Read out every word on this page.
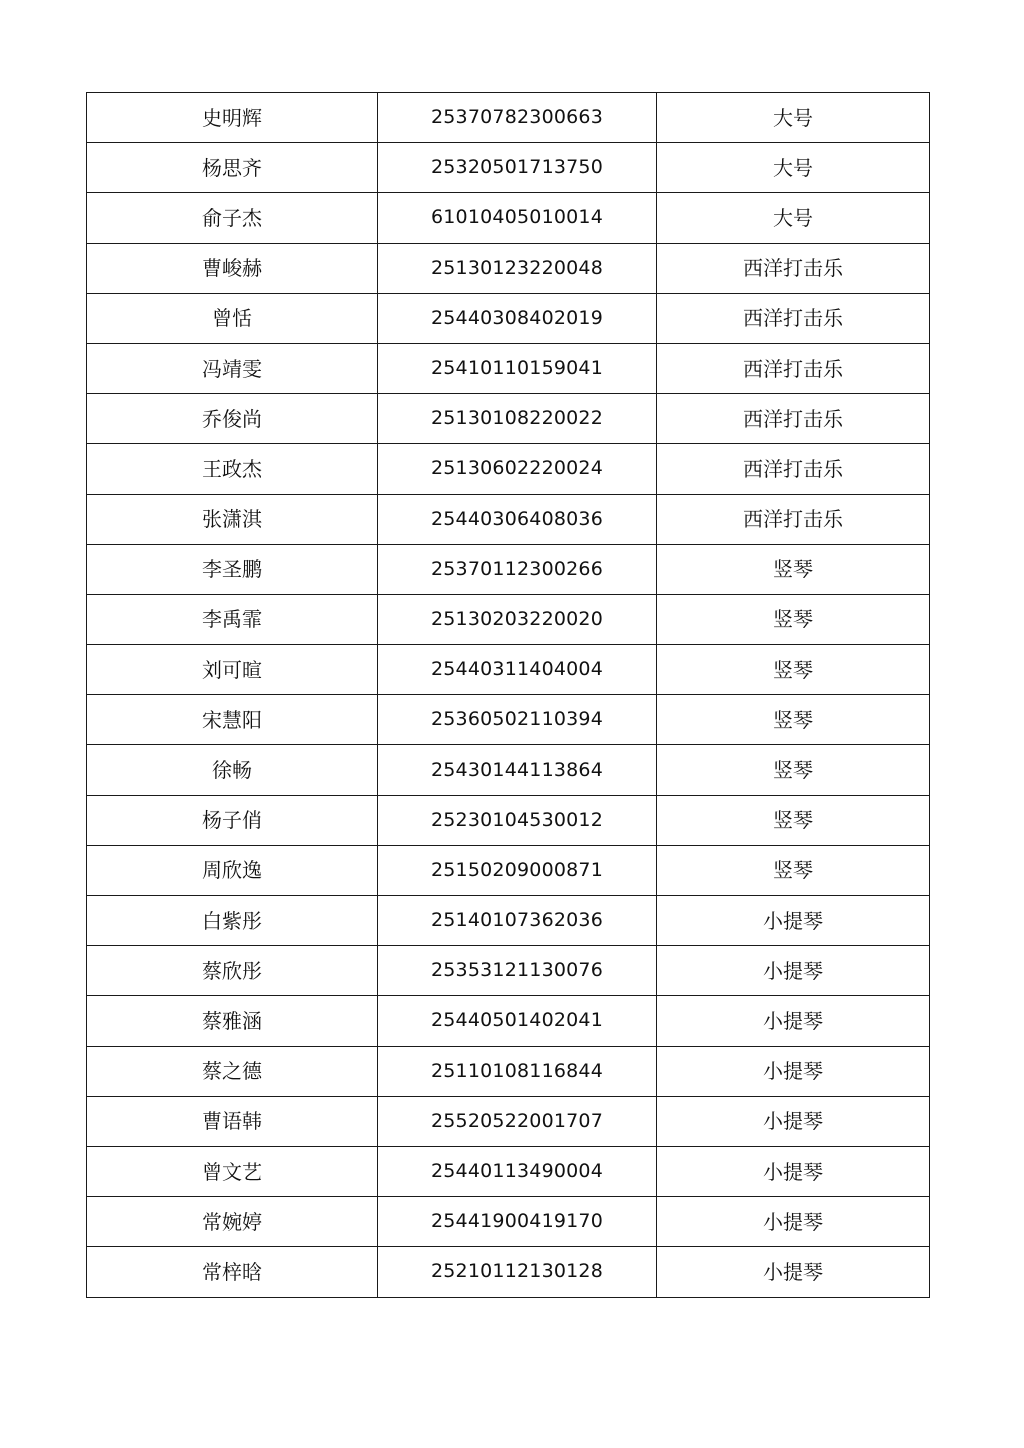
史明辉	25370782300663	大号
杨思齐	25320501713750	大号
俞子杰	61010405010014	大号
曹峻赫	25130123220048	西洋打击乐
曾恬	25440308402019	西洋打击乐
冯靖雯	25410110159041	西洋打击乐
乔俊尚	25130108220022	西洋打击乐
王政杰	25130602220024	西洋打击乐
张潇淇	25440306408036	西洋打击乐
李圣鹏	25370112300266	竖琴
李禹霏	25130203220020	竖琴
刘可暄	25440311404004	竖琴
宋慧阳	25360502110394	竖琴
徐畅	25430144113864	竖琴
杨子俏	25230104530012	竖琴
周欣逸	25150209000871	竖琴
白紫彤	25140107362036	小提琴
蔡欣彤	25353121130076	小提琴
蔡雅涵	25440501402041	小提琴
蔡之德	25110108116844	小提琴
曹语韩	25520522001707	小提琴
曾文艺	25440113490004	小提琴
常婉婷	25441900419170	小提琴
常梓晗	25210112130128	小提琴
